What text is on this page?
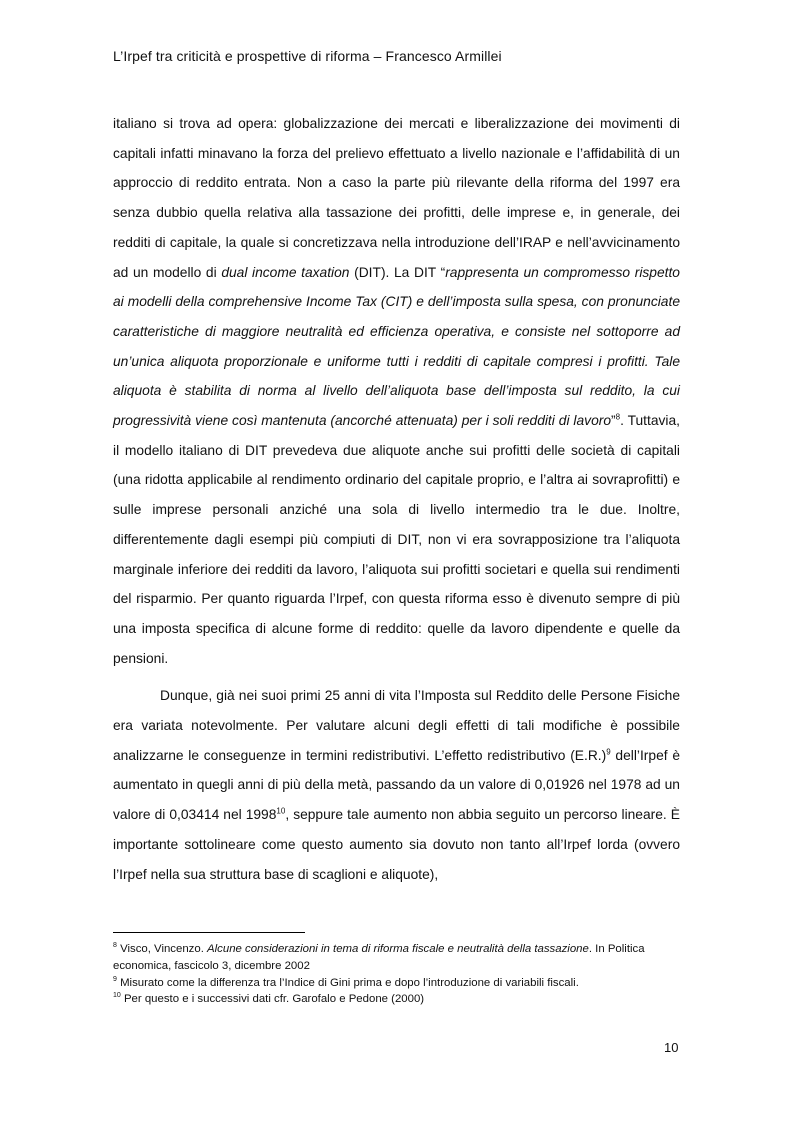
L’Irpef tra criticità e prospettive di riforma – Francesco Armillei

italiano si trova ad opera: globalizzazione dei mercati e liberalizzazione dei movimenti di capitali infatti minavano la forza del prelievo effettuato a livello nazionale e l’affidabilità di un approccio di reddito entrata. Non a caso la parte più rilevante della riforma del 1997 era senza dubbio quella relativa alla tassazione dei profitti, delle imprese e, in generale, dei redditi di capitale, la quale si concretizzava nella introduzione dell’IRAP e nell’avvicinamento ad un modello di dual income taxation (DIT). La DIT “rappresenta un compromesso rispetto ai modelli della comprehensive Income Tax (CIT) e dell’imposta sulla spesa, con pronunciate caratteristiche di maggiore neutralità ed efficienza operativa, e consiste nel sottoporre ad un’unica aliquota proporzionale e uniforme tutti i redditi di capitale compresi i profitti. Tale aliquota è stabilita di norma al livello dell’aliquota base dell’imposta sul reddito, la cui progressività viene così mantenuta (ancorché attenuata) per i soli redditi di lavoro”$^8$. Tuttavia, il modello italiano di DIT prevedeva due aliquote anche sui profitti delle società di capitali (una ridotta applicabile al rendimento ordinario del capitale proprio, e l’altra ai sovraprofitti) e sulle imprese personali anziché una sola di livello intermedio tra le due. Inoltre, differentemente dagli esempi più compiuti di DIT, non vi era sovrapposizione tra l’aliquota marginale inferiore dei redditi da lavoro, l’aliquota sui profitti societari e quella sui rendimenti del risparmio. Per quanto riguarda l’Irpef, con questa riforma esso è divenuto sempre di più una imposta specifica di alcune forme di reddito: quelle da lavoro dipendente e quelle da pensioni.

Dunque, già nei suoi primi 25 anni di vita l’Imposta sul Reddito delle Persone Fisiche era variata notevolmente. Per valutare alcuni degli effetti di tali modifiche è possibile analizzarne le conseguenze in termini redistributivi. L’effetto redistributivo $(E.R.)^9$ dell’Irpef è aumentato in quegli anni di più della metà, passando da un valore di 0,01926 nel 1978 ad un valore di 0,03414 nel 1998$^{10}$, seppure tale aumento non abbia seguito un percorso lineare. È importante sottolineare come questo aumento sia dovuto non tanto all’Irpef lorda (ovvero l’Irpef nella sua struttura base di scaglioni e aliquote),

$^8$ Visco, Vincenzo. Alcune considerazioni in tema di riforma fiscale e neutralità della tassazione. In Politica economica, fascicolo 3, dicembre 2002

$^9$ Misurato come la differenza tra l’Indice di Gini prima e dopo l’introduzione di variabili fiscali.

$^{10}$ Per questo e i successivi dati cfr. Garofalo e Pedone (2000)

10
